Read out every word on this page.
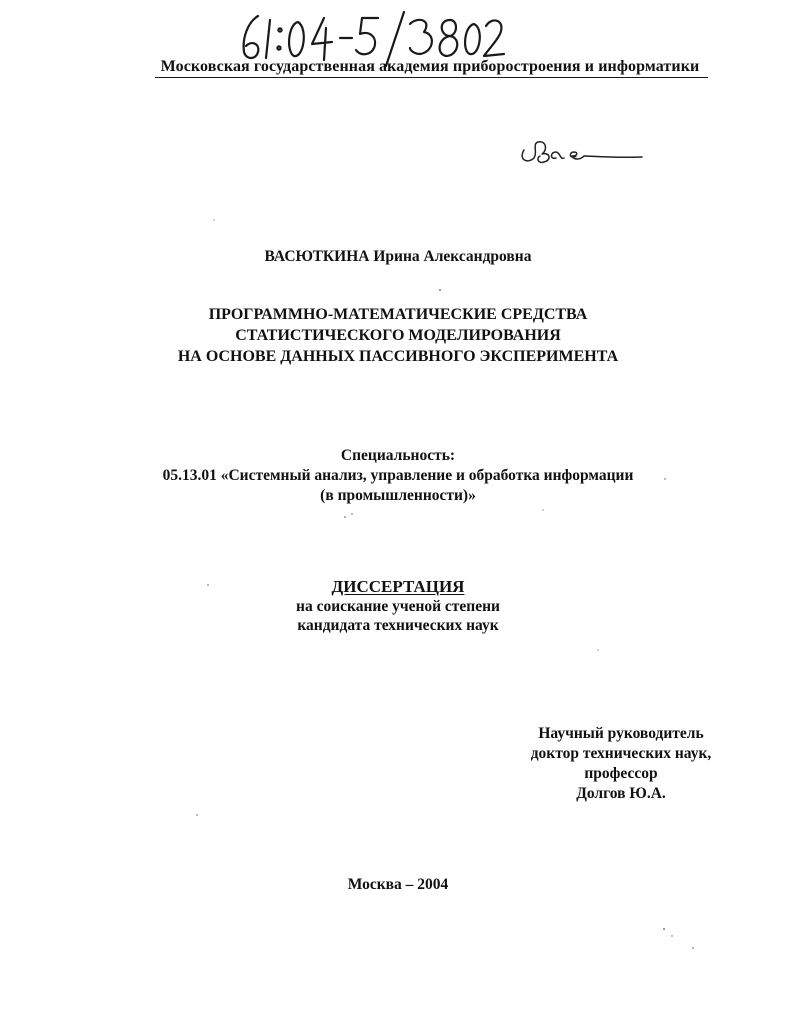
Московская государственная академия приборостроения и информатики
ВАСЮТКИНА Ирина Александровна
ПРОГРАММНО-МАТЕМАТИЧЕСКИЕ СРЕДСТВА
СТАТИСТИЧЕСКОГО МОДЕЛИРОВАНИЯ
НА ОСНОВЕ ДАННЫХ ПАССИВНОГО ЭКСПЕРИМЕНТА
Специальность:
05.13.01 «Системный анализ, управление и обработка информации
(в промышленности)»
ДИССЕРТАЦИЯ
на соискание ученой степени
кандидата технических наук
Научный руководитель
доктор технических наук,
профессор
Долгов Ю.А.
Москва – 2004
